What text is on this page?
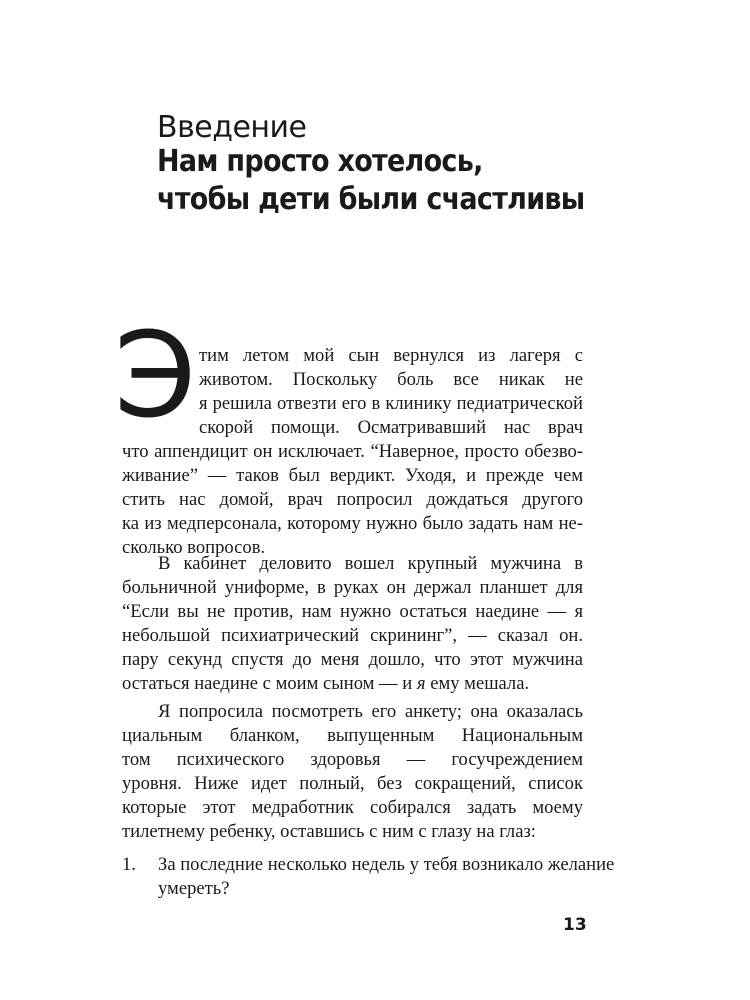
Введение
Нам просто хотелось,
чтобы дети были счастливы
Э тим летом мой сын вернулся из лагеря с
животом. Поскольку боль все никак не
я решила отвезти его в клинику педиатрической
скорой помощи. Осматривавший нас врач
что аппендицит он исключает. “Наверное, просто обезво-
живание” — таков был вердикт. Уходя, и прежде чем
стить нас домой, врач попросил дождаться другого
ка из медперсонала, которому нужно было задать нам не-
сколько вопросов.
В кабинет деловито вошел крупный мужчина в
больничной униформе, в руках он держал планшет для
“Если вы не против, нам нужно остаться наедине — я
небольшой психиатрический скрининг”, — сказал он.
пару секунд спустя до меня дошло, что этот мужчина
остаться наедине с моим сыном — и я ему мешала.
Я попросила посмотреть его анкету; она оказалась
циальным бланком, выпущенным Национальным
том психического здоровья — госучреждением
уровня. Ниже идет полный, без сокращений, список
1. За последние несколько недель у тебя возникало желание
умереть?
13
которые этот медработник собирался задать моему
тилетнему ребенку, оставшись с ним с глазу на глаз:
